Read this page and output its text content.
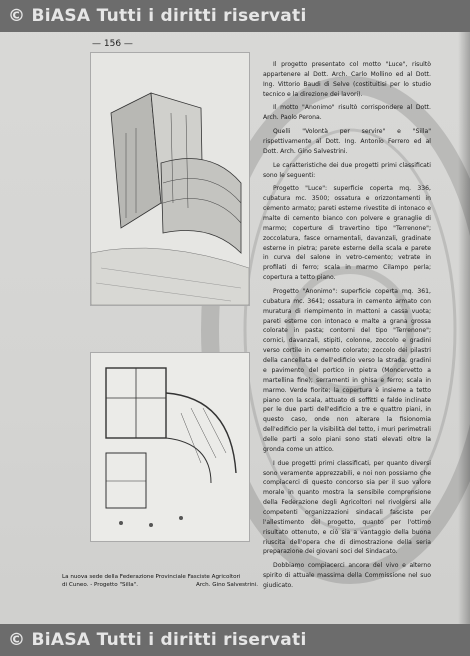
— 156 —
La nuova sede della Federazione Provinciale Fasciste Agricoltori
di Cuneo. - Progetto "Silla".	Arch. Gino Salvestrini.

Il progetto presentato col motto "Luce", risultò appartenere al Dott. Arch. Carlo Mollino ed al Dott. Ing. Vittorio Baudi di Selve (costituitisi per lo studio tecnico e la direzione dei lavori).

Il motto "Anonimo" risultò corrispondere al Dott. Arch. Paolo Perona.

Quelli "Volontà per servire" e "Silla" rispettivamente al Dott. Ing. Antonio Ferrero ed al Dott. Arch. Gino Salvestrini.

Le caratteristiche dei due progetti primi classificati sono le seguenti:

Progetto "Luce": superficie coperta mq. 336, cubatura mc. 3500; ossatura e orizzontamenti in cemento armato; pareti esterne rivestite di intonaco e malte di cemento bianco con polvere e granaglie di marmo; coperture di travertino tipo "Terrenone"; zoccolatura, fasce ornamentali, davanzali, gradinate esterne in pietra; parete esterne della scala e parete in curva del salone in vetro-cemento; vetrate in profilati di ferro; scala in marmo Cilampo perla; copertura a tetto piano.

Progetto "Anonimo": superficie coperta mq. 361, cubatura mc. 3641; ossatura in cemento armato con muratura di riempimento in mattoni a cassa vuota; pareti esterne con intonaco e malte a grana grossa colorate in pasta; contorni del tipo "Terrenone"; cornici, davanzali, stipiti, colonne, zoccolo e gradini verso cortile in cemento colorato; zoccolo dei pilastri della cancellata e dell'edificio verso la strada, gradini e pavimento del portico in pietra (Moncervetto a martellina fine); serramenti in ghisa e ferro; scala in marmo. Verde fiorite; la copertura è insieme a tetto piano con la scala, attuato di soffitti e falde inclinate per le due parti dell'edificio a tre e quattro piani, in questo caso, onde non alterare la fisionomia dell'edificio per la visibilità del tetto, i muri perimetrali delle parti a solo piani sono stati elevati oltre la gronda come un attico.

I due progetti primi classificati, per quanto diversi sono veramente apprezzabili, e noi non possiamo che compiacerci di questo concorso sia per il suo valore morale in quanto mostra la sensibile comprensione della Federazione degli Agricoltori nel rivolgersi alle competenti organizzazioni sindacali fasciste per l'allestimento del progetto, quanto per l'ottimo risultato ottenuto, e ciò sia a vantaggio della buona riuscita dell'opera che di dimostrazione della seria preparazione dei giovani soci del Sindacato.

Dobbiamo compiacerci ancora del vivo e alterno spirito di attuale massima della Commissione nel suo giudicato.

© BiASA Tutti i diritti riservati
© BiASA Tutti i diritti riservati
